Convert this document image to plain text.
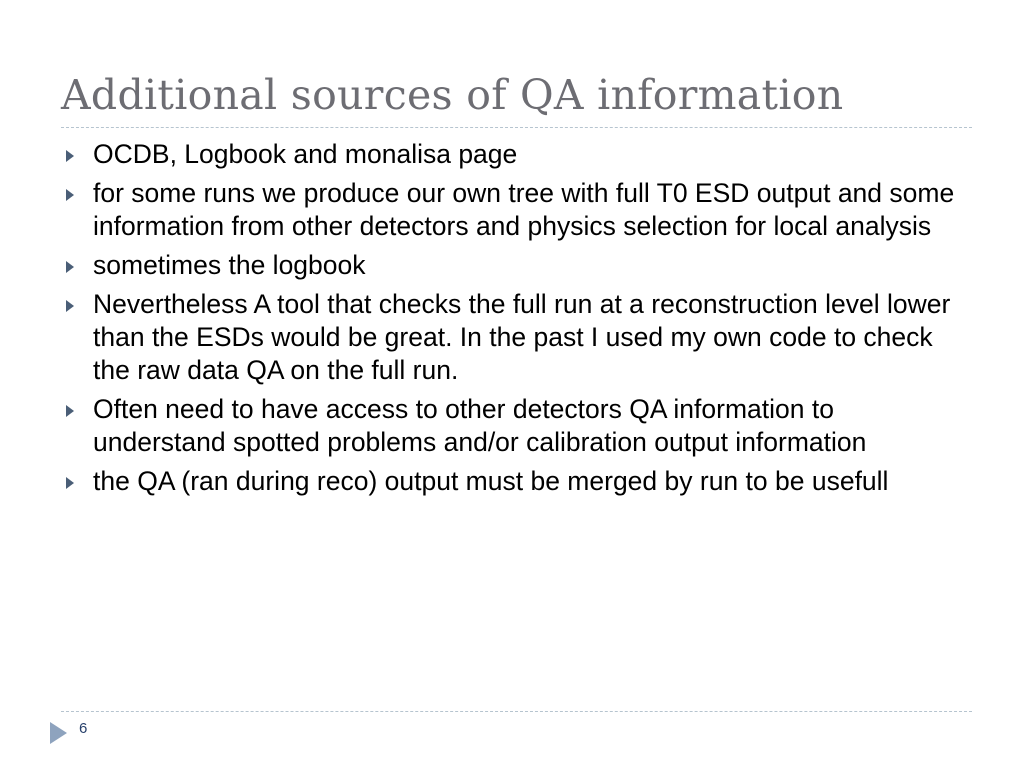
Additional sources of QA information
OCDB, Logbook and monalisa page
for some runs we produce our own tree with full T0 ESD output and some information from other detectors and physics selection for local analysis
sometimes the logbook
Nevertheless A tool that checks the full run at a reconstruction level lower than the ESDs would be great. In the past I used my own code to check the raw data QA on the full run.
Often need to have access to other detectors QA information to understand spotted problems and/or calibration output information
the QA (ran during reco) output must be merged by run to be usefull
6
